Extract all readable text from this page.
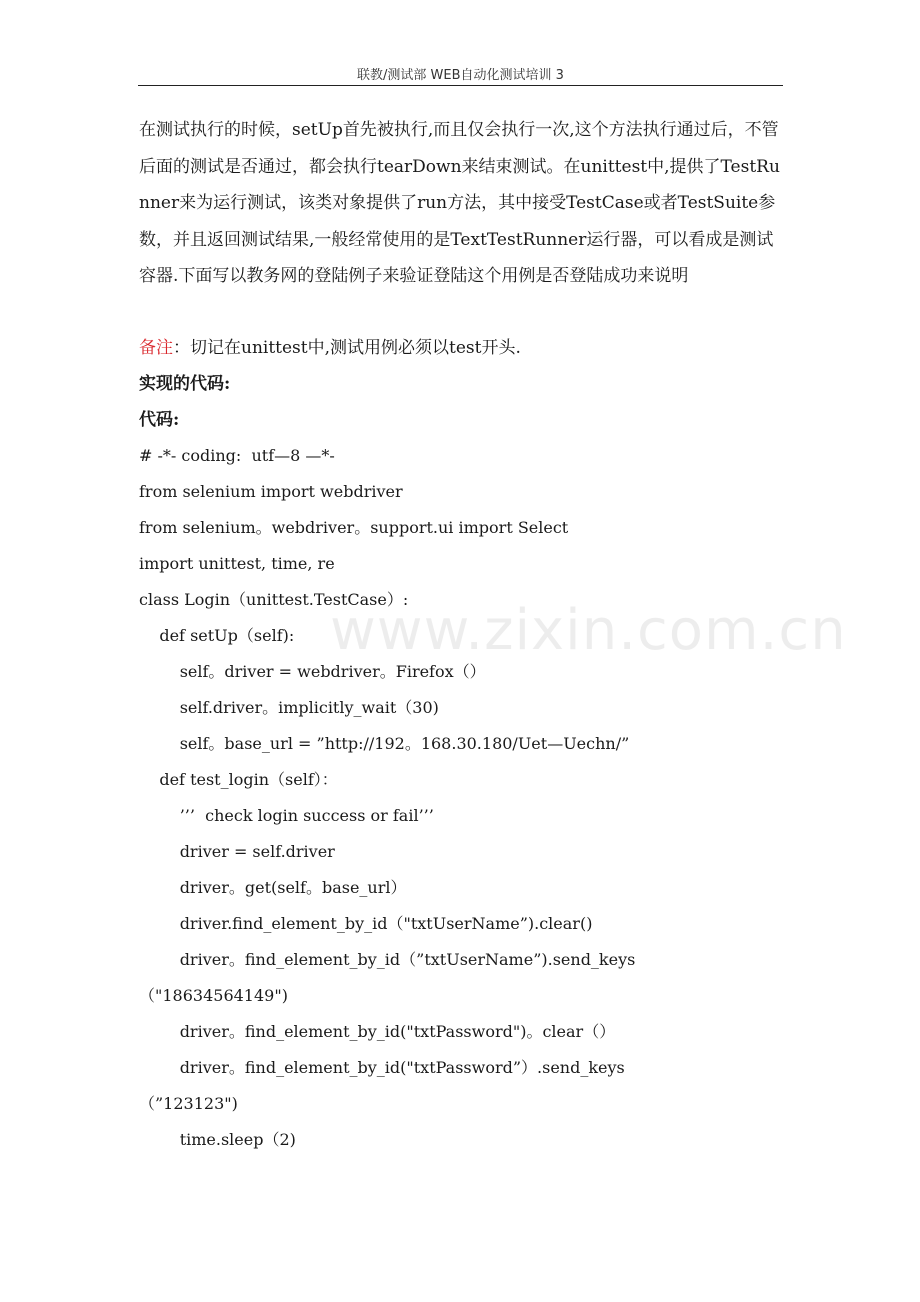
联教/测试部 WEB自动化测试培训 3

在测试执行的时候，setUp首先被执行,而且仅会执行一次,这个方法执行通过后，不管后面的测试是否通过，都会执行tearDown来结束测试。在unittest中,提供了TestRunner来为运行测试，该类对象提供了run方法，其中接受TestCase或者TestSuite参数，并且返回测试结果,一般经常使用的是TextTestRunner运行器，可以看成是测试容器.下面写以教务网的登陆例子来验证登陆这个用例是否登陆成功来说明

备注：切记在unittest中,测试用例必须以test开头.

实现的代码:

代码:

# -*- coding:  utf—8 —*-
from selenium import webdriver
from selenium。webdriver。support.ui import Select
import unittest, time, re
class Login（unittest.TestCase）:
def setUp（self):
self。driver = webdriver。Firefox（）
self.driver。implicitly_wait（30)
self。base_url = ”http://192。168.30.180/Uet—Uechn/”
def test_login（self）：
’’’  check login success or fail’’’
driver = self.driver
driver。get(self。base_url）
driver.find_element_by_id（"txtUserName”).clear()
driver。find_element_by_id（”txtUserName”).send_keys
（"18634564149")
driver。find_element_by_id("txtPassword")。clear（）
driver。find_element_by_id("txtPassword”）.send_keys
（”123123")
time.sleep（2)
www.zixin.com.cn
